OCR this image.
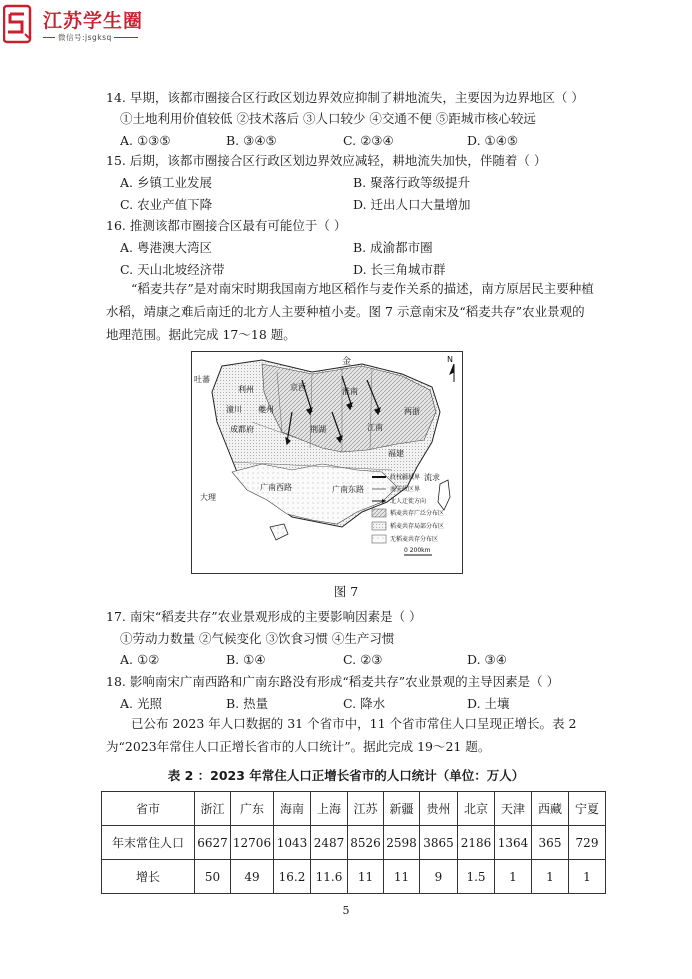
江苏学生圈
微信号:jsgksq
14. 早期，该都市圈接合区行政区划边界效应抑制了耕地流失，主要因为边界地区（ ）
①土地利用价值较低 ②技术落后 ③人口较少 ④交通不便 ⑤距城市核心较远
A. ①③⑤	B. ③④⑤	C. ②③④	D. ①④⑤
15. 后期，该都市圈接合区行政区划边界效应减轻，耕地流失加快，伴随着（ ）
A. 乡镇工业发展	B. 聚落行政等级提升
C. 农业产值下降	D. 迁出人口大量增加
16. 推测该都市圈接合区最有可能位于（ ）
A. 粤港澳大湾区	B. 成渝都市圈
C. 天山北坡经济带	D. 长三角城市群
“稻麦共存”是对南宋时期我国南方地区稻作与麦作关系的描述，南方原居民主要种植水稻，靖康之难后南迁的北方人主要种植小麦。图 7 示意南宋及“稻麦共存”农业景观的地理范围。据此完成 17～18 题。
金
吐蕃
大理
流求
N
利州
成都府
京西	淮南
荆湖	江南
两浙
福建
夔州
潼川
广南西路	广南东路
政权疆域界
南宋政区界
北人迁徙方向
稻麦共存广泛分布区
稻麦共存局部分布区
无稻麦共存分布区
0 200km
图 7
17. 南宋“稻麦共存”农业景观形成的主要影响因素是（ ）
①劳动力数量 ②气候变化 ③饮食习惯 ④生产习惯
A. ①②	B. ①④	C. ②③	D. ③④
18. 影响南宋广南西路和广南东路没有形成“稻麦共存”农业景观的主导因素是（ ）
A. 光照	B. 热量	C. 降水	D. 土壤
已公布 2023 年人口数据的 31 个省市中，11 个省市常住人口呈现正增长。表 2 为“2023年常住人口正增长省市的人口统计”。据此完成 19～21 题。
表 2 ：2023 年常住人口正增长省市的人口统计（单位：万人）
省市	浙江	广东	海南	上海	江苏	新疆	贵州	北京	天津	西藏	宁夏
年末常住人口	6627	12706	1043	2487	8526	2598	3865	2186	1364	365	729
增长	50	49	16.2	11.6	11	11	9	1.5	1	1	1
5
